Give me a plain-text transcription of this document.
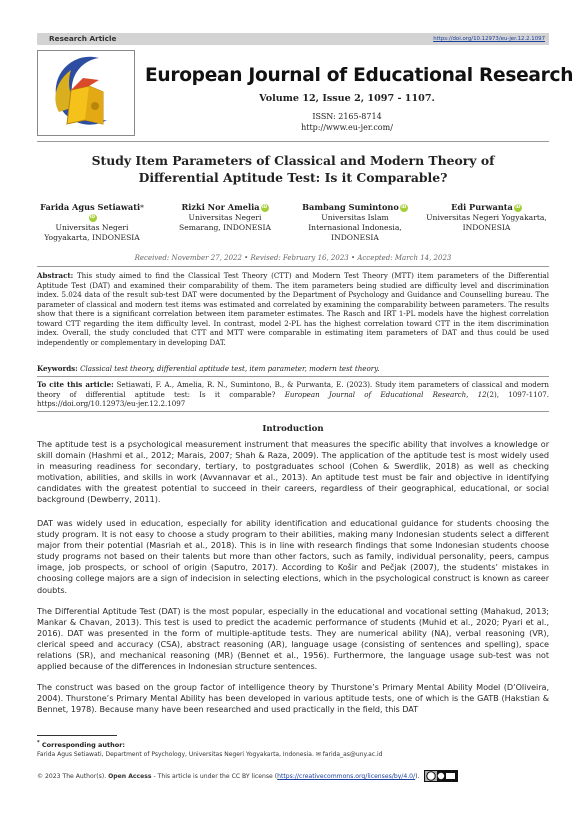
Research Article	https://doi.org/10.12973/eu-jer.12.2.1097
European Journal of Educational Research
Volume 12, Issue 2, 1097 - 1107.
ISSN: 2165-8714
http://www.eu-jer.com/
Study Item Parameters of Classical and Modern Theory of Differential Aptitude Test: Is it Comparable?
Farida Agus Setiawati*iD
Universitas Negeri Yogyakarta, INDONESIA
Rizki Nor Amelia iD
Universitas Negeri Semarang, INDONESIA
Bambang Sumintono iD
Universitas Islam Internasional Indonesia, INDONESIA
Edi Purwanta iD
Universitas Negeri Yogyakarta, INDONESIA
Received: November 27, 2022 • Revised: February 16, 2023 • Accepted: March 14, 2023
Abstract: This study aimed to find the Classical Test Theory (CTT) and Modern Test Theory (MTT) item parameters of the Differential Aptitude Test (DAT) and examined their comparability of them. The item parameters being studied are difficulty level and discrimination index. 5.024 data of the result sub-test DAT were documented by the Department of Psychology and Guidance and Counselling bureau. The parameter of classical and modern test items was estimated and correlated by examining the comparability between parameters. The results show that there is a significant correlation between item parameter estimates. The Rasch and IRT 1-PL models have the highest correlation toward CTT regarding the item difficulty level. In contrast, model 2-PL has the highest correlation toward CTT in the item discrimination index. Overall, the study concluded that CTT and MTT were comparable in estimating item parameters of DAT and thus could be used independently or complementary in developing DAT.
Keywords: Classical test theory, differential aptitude test, item parameter, modern test theory.
To cite this article: Setiawati, F. A., Amelia, R. N., Sumintono, B., & Purwanta, E. (2023). Study item parameters of classical and modern theory of differential aptitude test: Is it comparable? European Journal of Educational Research, 12(2), 1097-1107. https://doi.org/10.12973/eu-jer.12.2.1097
Introduction
The aptitude test is a psychological measurement instrument that measures the specific ability that involves a knowledge or skill domain (Hashmi et al., 2012; Marais, 2007; Shah & Raza, 2009). The application of the aptitude test is most widely used in measuring readiness for secondary, tertiary, to postgraduates school (Cohen & Swerdlik, 2018) as well as checking motivation, abilities, and skills in work (Avvannavar et al., 2013). An aptitude test must be fair and objective in identifying candidates with the greatest potential to succeed in their careers, regardless of their geographical, educational, or social background (Dewberry, 2011).
DAT was widely used in education, especially for ability identification and educational guidance for students choosing the study program. It is not easy to choose a study program to their abilities, making many Indonesian students select a different major from their potential (Masriah et al., 2018). This is in line with research findings that some Indonesian students choose study programs not based on their talents but more than other factors, such as family, individual personality, peers, campus image, job prospects, or school of origin (Saputro, 2017). According to Košir and Pečjak (2007), the students’ mistakes in choosing college majors are a sign of indecision in selecting elections, which in the psychological construct is known as career doubts.
The Differential Aptitude Test (DAT) is the most popular, especially in the educational and vocational setting (Mahakud, 2013; Mankar & Chavan, 2013). This test is used to predict the academic performance of students (Muhid et al., 2020; Pyari et al., 2016). DAT was presented in the form of multiple-aptitude tests. They are numerical ability (NA), verbal reasoning (VR), clerical speed and accuracy (CSA), abstract reasoning (AR), language usage (consisting of sentences and spelling), space relations (SR), and mechanical reasoning (MR) (Bennet et al., 1956). Furthermore, the language usage sub-test was not applied because of the differences in Indonesian structure sentences.
The construct was based on the group factor of intelligence theory by Thurstone’s Primary Mental Ability Model (D’Oliveira, 2004). Thurstone’s Primary Mental Ability has been developed in various aptitude tests, one of which is the GATB (Hakstian & Bennet, 1978). Because many have been researched and used practically in the field, this DAT
* Corresponding author:
Farida Agus Setiawati, Department of Psychology, Universitas Negeri Yogyakarta, Indonesia. ✉ farida_as@uny.ac.id
© 2023 The Author(s). Open Access - This article is under the CC BY license (https://creativecommons.org/licenses/by/4.0/).
